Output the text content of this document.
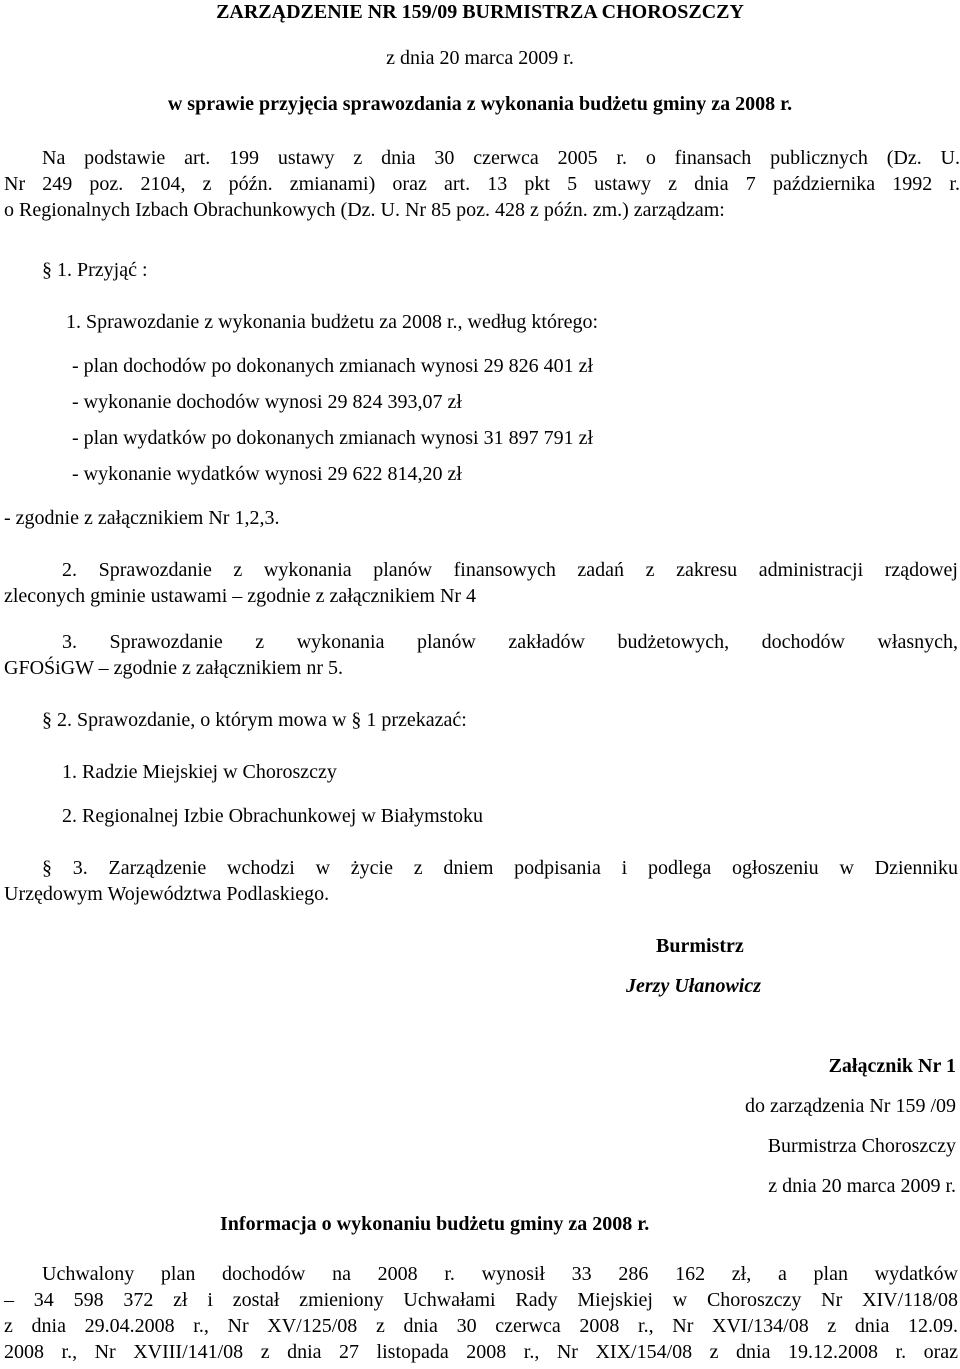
ZARZĄDZENIE NR 159/09 BURMISTRZA CHOROSZCZY
z dnia 20 marca 2009 r.
w sprawie przyjęcia sprawozdania z wykonania budżetu gminy za 2008 r.
Na podstawie art. 199 ustawy z dnia 30 czerwca 2005 r. o finansach publicznych (Dz. U.
Nr 249 poz. 2104, z późn. zmianami) oraz art. 13 pkt 5 ustawy z dnia 7 października 1992 r.
o Regionalnych Izbach Obrachunkowych (Dz. U. Nr 85 poz. 428 z późn. zm.) zarządzam:
§ 1. Przyjąć :
1. Sprawozdanie z wykonania budżetu za 2008 r., według którego:
- plan dochodów po dokonanych zmianach wynosi 29 826 401 zł
- wykonanie dochodów wynosi 29 824 393,07 zł
- plan wydatków po dokonanych zmianach wynosi 31 897 791 zł
- wykonanie wydatków wynosi 29 622 814,20 zł
- zgodnie z załącznikiem Nr 1,2,3.
2. Sprawozdanie z wykonania planów finansowych zadań z zakresu administracji rządowej
zleconych gminie ustawami – zgodnie z załącznikiem Nr 4
3. Sprawozdanie z wykonania planów zakładów budżetowych, dochodów własnych,
GFOŚiGW – zgodnie z załącznikiem nr 5.
§ 2. Sprawozdanie, o którym mowa w § 1 przekazać:
1. Radzie Miejskiej w Choroszczy
2. Regionalnej Izbie Obrachunkowej w Białymstoku
§ 3. Zarządzenie wchodzi w życie z dniem podpisania i podlega ogłoszeniu w Dzienniku
Urzędowym Województwa Podlaskiego.
Burmistrz
Jerzy Ułanowicz
Załącznik Nr 1
do zarządzenia Nr 159 /09
Burmistrza Choroszczy
z dnia 20 marca 2009 r.
Informacja o wykonaniu budżetu gminy za 2008 r.
Uchwalony plan dochodów na 2008 r. wynosił 33 286 162 zł, a plan wydatków
– 34 598 372 zł i został zmieniony Uchwałami Rady Miejskiej w Choroszczy Nr XIV/118/08
z dnia 29.04.2008 r., Nr XV/125/08 z dnia 30 czerwca 2008 r., Nr XVI/134/08 z dnia 12.09.
2008 r., Nr XVIII/141/08 z dnia 27 listopada 2008 r., Nr XIX/154/08 z dnia 19.12.2008 r. oraz
